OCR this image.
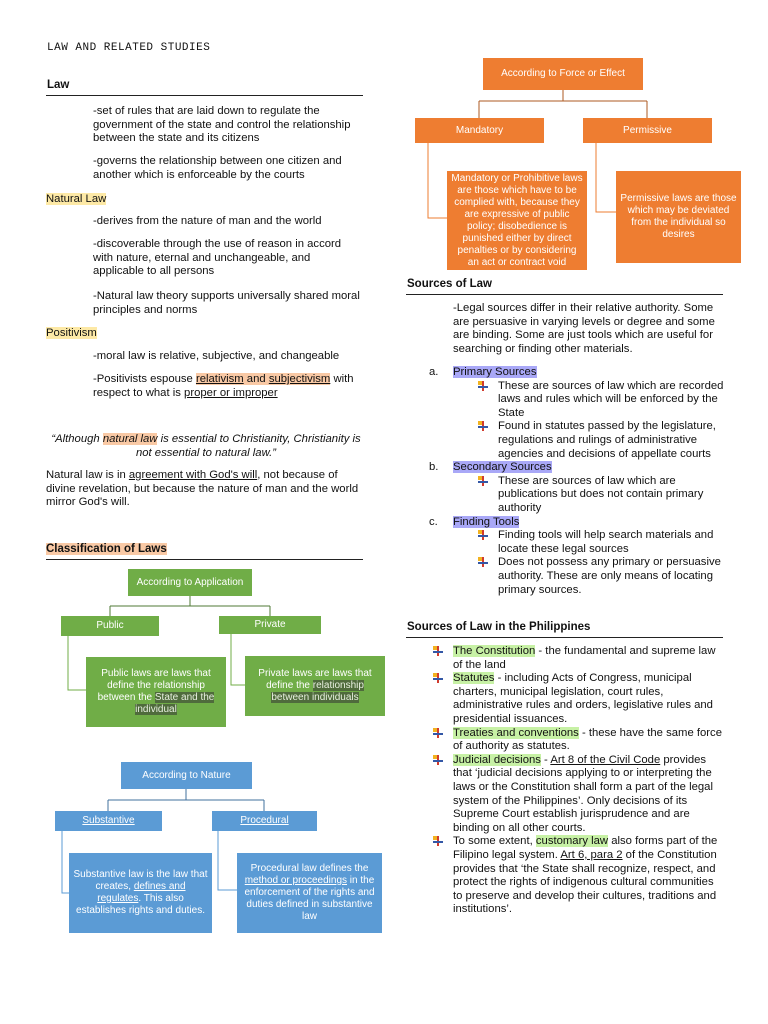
LAW AND RELATED STUDIES
Law
-set of rules that are laid down to regulate the government of the state and control the relationship between the state and its citizens
-governs the relationship between one citizen and another which is enforceable by the courts
Natural Law
-derives from the nature of man and the world
-discoverable through the use of reason in accord with nature, eternal and unchangeable, and applicable to all persons
-Natural law theory supports universally shared moral principles and norms
Positivism
-moral law is relative, subjective, and changeable
-Positivists espouse relativism and subjectivism with respect to what is proper or improper
“Although natural law is essential to Christianity, Christianity is not essential to natural law.”
Natural law is in agreement with God's will, not because of divine revelation, but because the nature of man and the world mirror God's will.
Classification of Laws
According to Application
Public	Private
Public laws are laws that define the relationship between the State and the individual
Private laws are laws that define the relationship between individuals
According to Nature
Substantive	Procedural
Substantive law is the law that creates, defines and regulates. This also establishes rights and duties.
Procedural law defines the method or proceedings in the enforcement of the rights and duties defined in substantive law
According to Force or Effect
Mandatory	Permissive
Mandatory or Prohibitive laws are those which have to be complied with, because they are expressive of public policy; disobedience is punished either by direct penalties or by considering an act or contract void
Permissive laws are those which may be deviated from the individual so desires
Sources of Law
-Legal sources differ in their relative authority. Some are persuasive in varying levels or degree and some are binding. Some are just tools which are useful for searching or finding other materials.
a. Primary Sources
These are sources of law which are recorded laws and rules which will be enforced by the State
Found in statutes passed by the legislature, regulations and rulings of administrative agencies and decisions of appellate courts
b. Secondary Sources
These are sources of law which are publications but does not contain primary authority
c. Finding Tools
Finding tools will help search materials and locate these legal sources
Does not possess any primary or persuasive authority. These are only means of locating primary sources.
Sources of Law in the Philippines
The Constitution - the fundamental and supreme law of the land
Statutes - including Acts of Congress, municipal charters, municipal legislation, court rules, administrative rules and orders, legislative rules and presidential issuances.
Treaties and conventions - these have the same force of authority as statutes.
Judicial decisions - Art 8 of the Civil Code provides that ‘judicial decisions applying to or interpreting the laws or the Constitution shall form a part of the legal system of the Philippines’. Only decisions of its Supreme Court establish jurisprudence and are binding on all other courts.
To some extent, customary law also forms part of the Filipino legal system. Art 6, para 2 of the Constitution provides that ‘the State shall recognize, respect, and protect the rights of indigenous cultural communities to preserve and develop their cultures, traditions and institutions’.
